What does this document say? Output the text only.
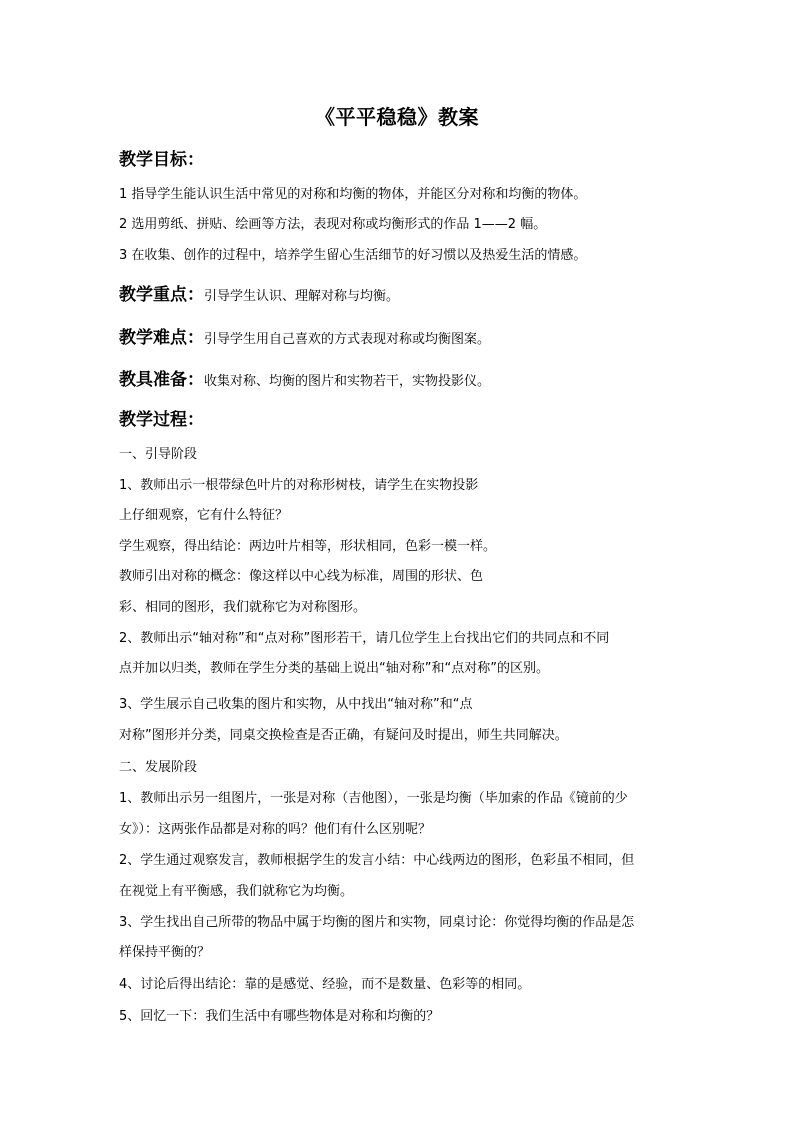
《平平稳稳》教案
教学目标：
1 指导学生能认识生活中常见的对称和均衡的物体，并能区分对称和均衡的物体。
2 选用剪纸、拼贴、绘画等方法，表现对称或均衡形式的作品 1——2 幅。
3 在收集、创作的过程中，培养学生留心生活细节的好习惯以及热爱生活的情感。
教学重点：引导学生认识、理解对称与均衡。
教学难点：引导学生用自己喜欢的方式表现对称或均衡图案。
教具准备：收集对称、均衡的图片和实物若干，实物投影仪。
教学过程：
一、引导阶段
1、教师出示一根带绿色叶片的对称形树枝，请学生在实物投影
上仔细观察，它有什么特征？
学生观察，得出结论：两边叶片相等，形状相同，色彩一模一样。
教师引出对称的概念：像这样以中心线为标准，周围的形状、色
彩、相同的图形，我们就称它为对称图形。
2、教师出示“轴对称”和“点对称”图形若干，请几位学生上台找出它们的共同点和不同
点并加以归类，教师在学生分类的基础上说出“轴对称”和“点对称”的区别。
3、学生展示自己收集的图片和实物，从中找出“轴对称”和“点
对称”图形并分类，同桌交换检查是否正确，有疑问及时提出，师生共同解决。
二、发展阶段
1、教师出示另一组图片，一张是对称（吉他图），一张是均衡（毕加索的作品《镜前的少
女》）：这两张作品都是对称的吗？他们有什么区别呢？
2、学生通过观察发言，教师根据学生的发言小结：中心线两边的图形，色彩虽不相同，但
在视觉上有平衡感，我们就称它为均衡。
3、学生找出自己所带的物品中属于均衡的图片和实物，同桌讨论：你觉得均衡的作品是怎
样保持平衡的？
4、讨论后得出结论：靠的是感觉、经验，而不是数量、色彩等的相同。
5、回忆一下：我们生活中有哪些物体是对称和均衡的？
